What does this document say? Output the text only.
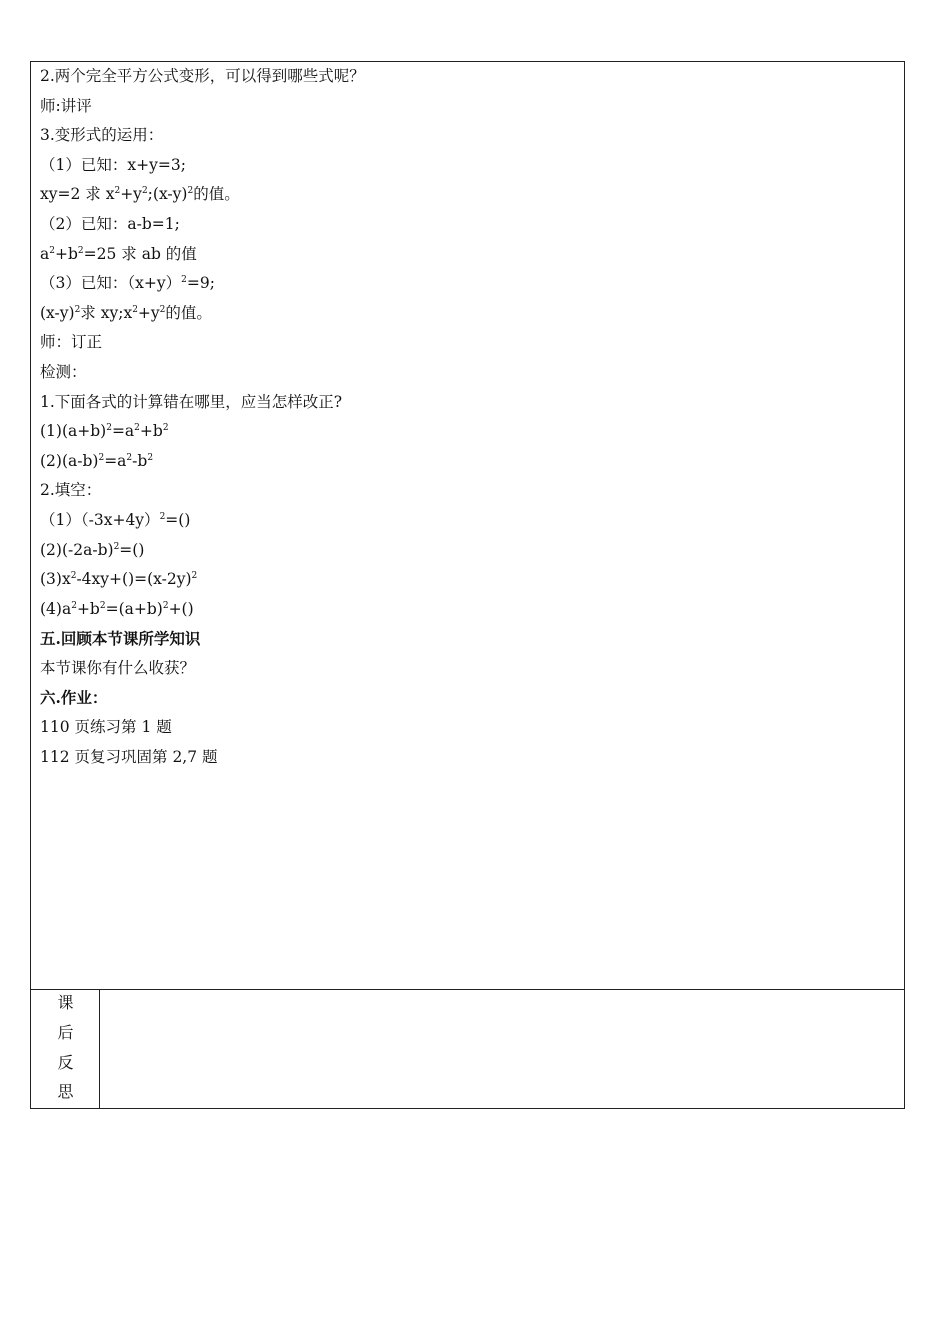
2.两个完全平方公式变形，可以得到哪些式呢？
师:讲评
3.变形式的运用：
（1）已知：x+y=3;
xy=2 求 $x^2+y^2;(x-y)^2$的值。
（2）已知：a-b=1;
$a^2+b^2=25$ 求 ab 的值
（3）已知：$(x+y)^2=9$;
$(x-y)^2$求 $xy;x^2+y^2$的值。
师：订正
检测：
1.下面各式的计算错在哪里，应当怎样改正?
$(1)(a+b)^2=a^2+b^2$
$(2)(a-b)^2=a^2-b^2$
2.填空：
$(1)(-3x+4y)^2=()$
$(2)(-2a-b)^2=()$
$(3)x^2-4xy+()=(x-2y)^2$
$(4)a^2+b^2=(a+b)^2+()$
五.回顾本节课所学知识
本节课你有什么收获？
六.作业：
110 页练习第 1 题
112 页复习巩固第 2,7 题
课
后
反
思
